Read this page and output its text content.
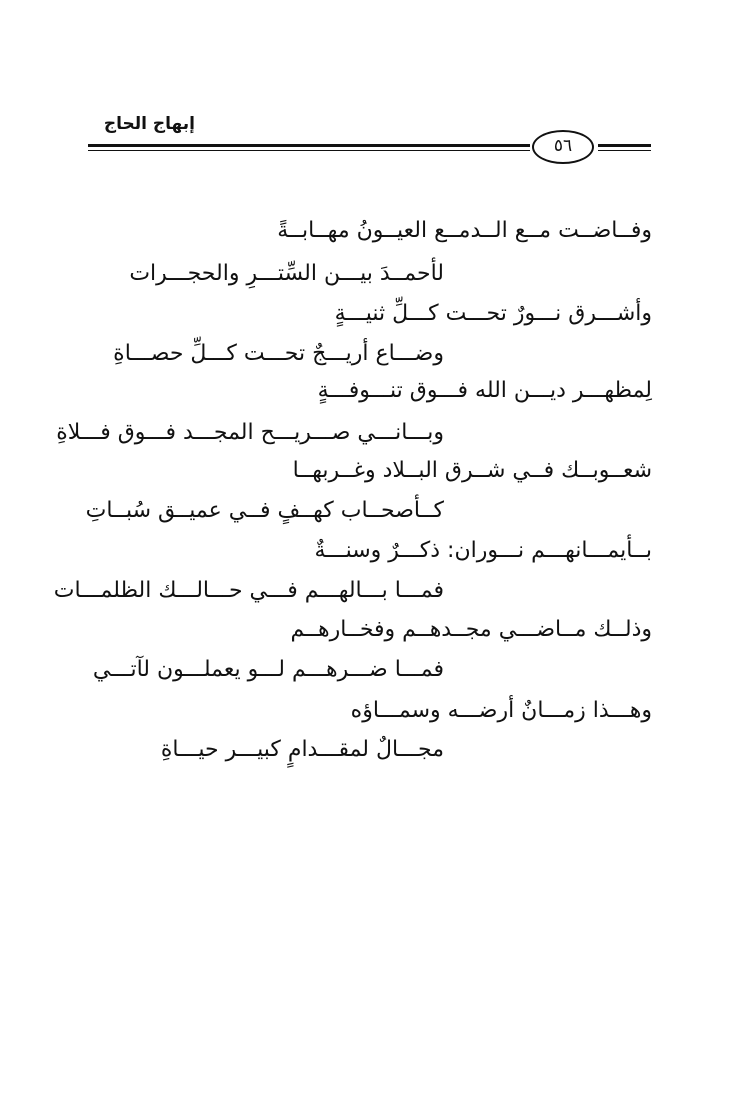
إبهاج الحاج
٥٦
وفــاضــت مــع الــدمــع العيــونُ مهــابــةً
لأحمــدَ بيـــن السِّتـــرِ والحجـــرات
وأشـــرق نـــورٌ تحـــت كـــلِّ ثنيـــةٍ
وضـــاع أريـــجٌ تحـــت كـــلِّ حصـــاةِ
لِمظهـــر ديـــن الله فـــوق تنـــوفـــةٍ
وبـــانـــي صـــريـــح المجـــد فـــوق فـــلاةِ
شعــوبــك فــي شــرق البــلاد وغــربهــا
كــأصحــاب كهــفٍ فــي عميــق سُبــاتِ
بــأيمـــانهـــم نـــوران: ذكـــرٌ وسنـــةٌ
فمـــا بـــالهـــم فـــي حـــالـــك الظلمـــات
وذلــك مــاضـــي مجــدهــم وفخــارهــم
فمـــا ضـــرهـــم لـــو يعملـــون لآتـــي
وهـــذا زمـــانٌ أرضـــه وسمـــاؤه
مجـــالٌ لمقـــدامٍ كبيـــر حيـــاةِ
